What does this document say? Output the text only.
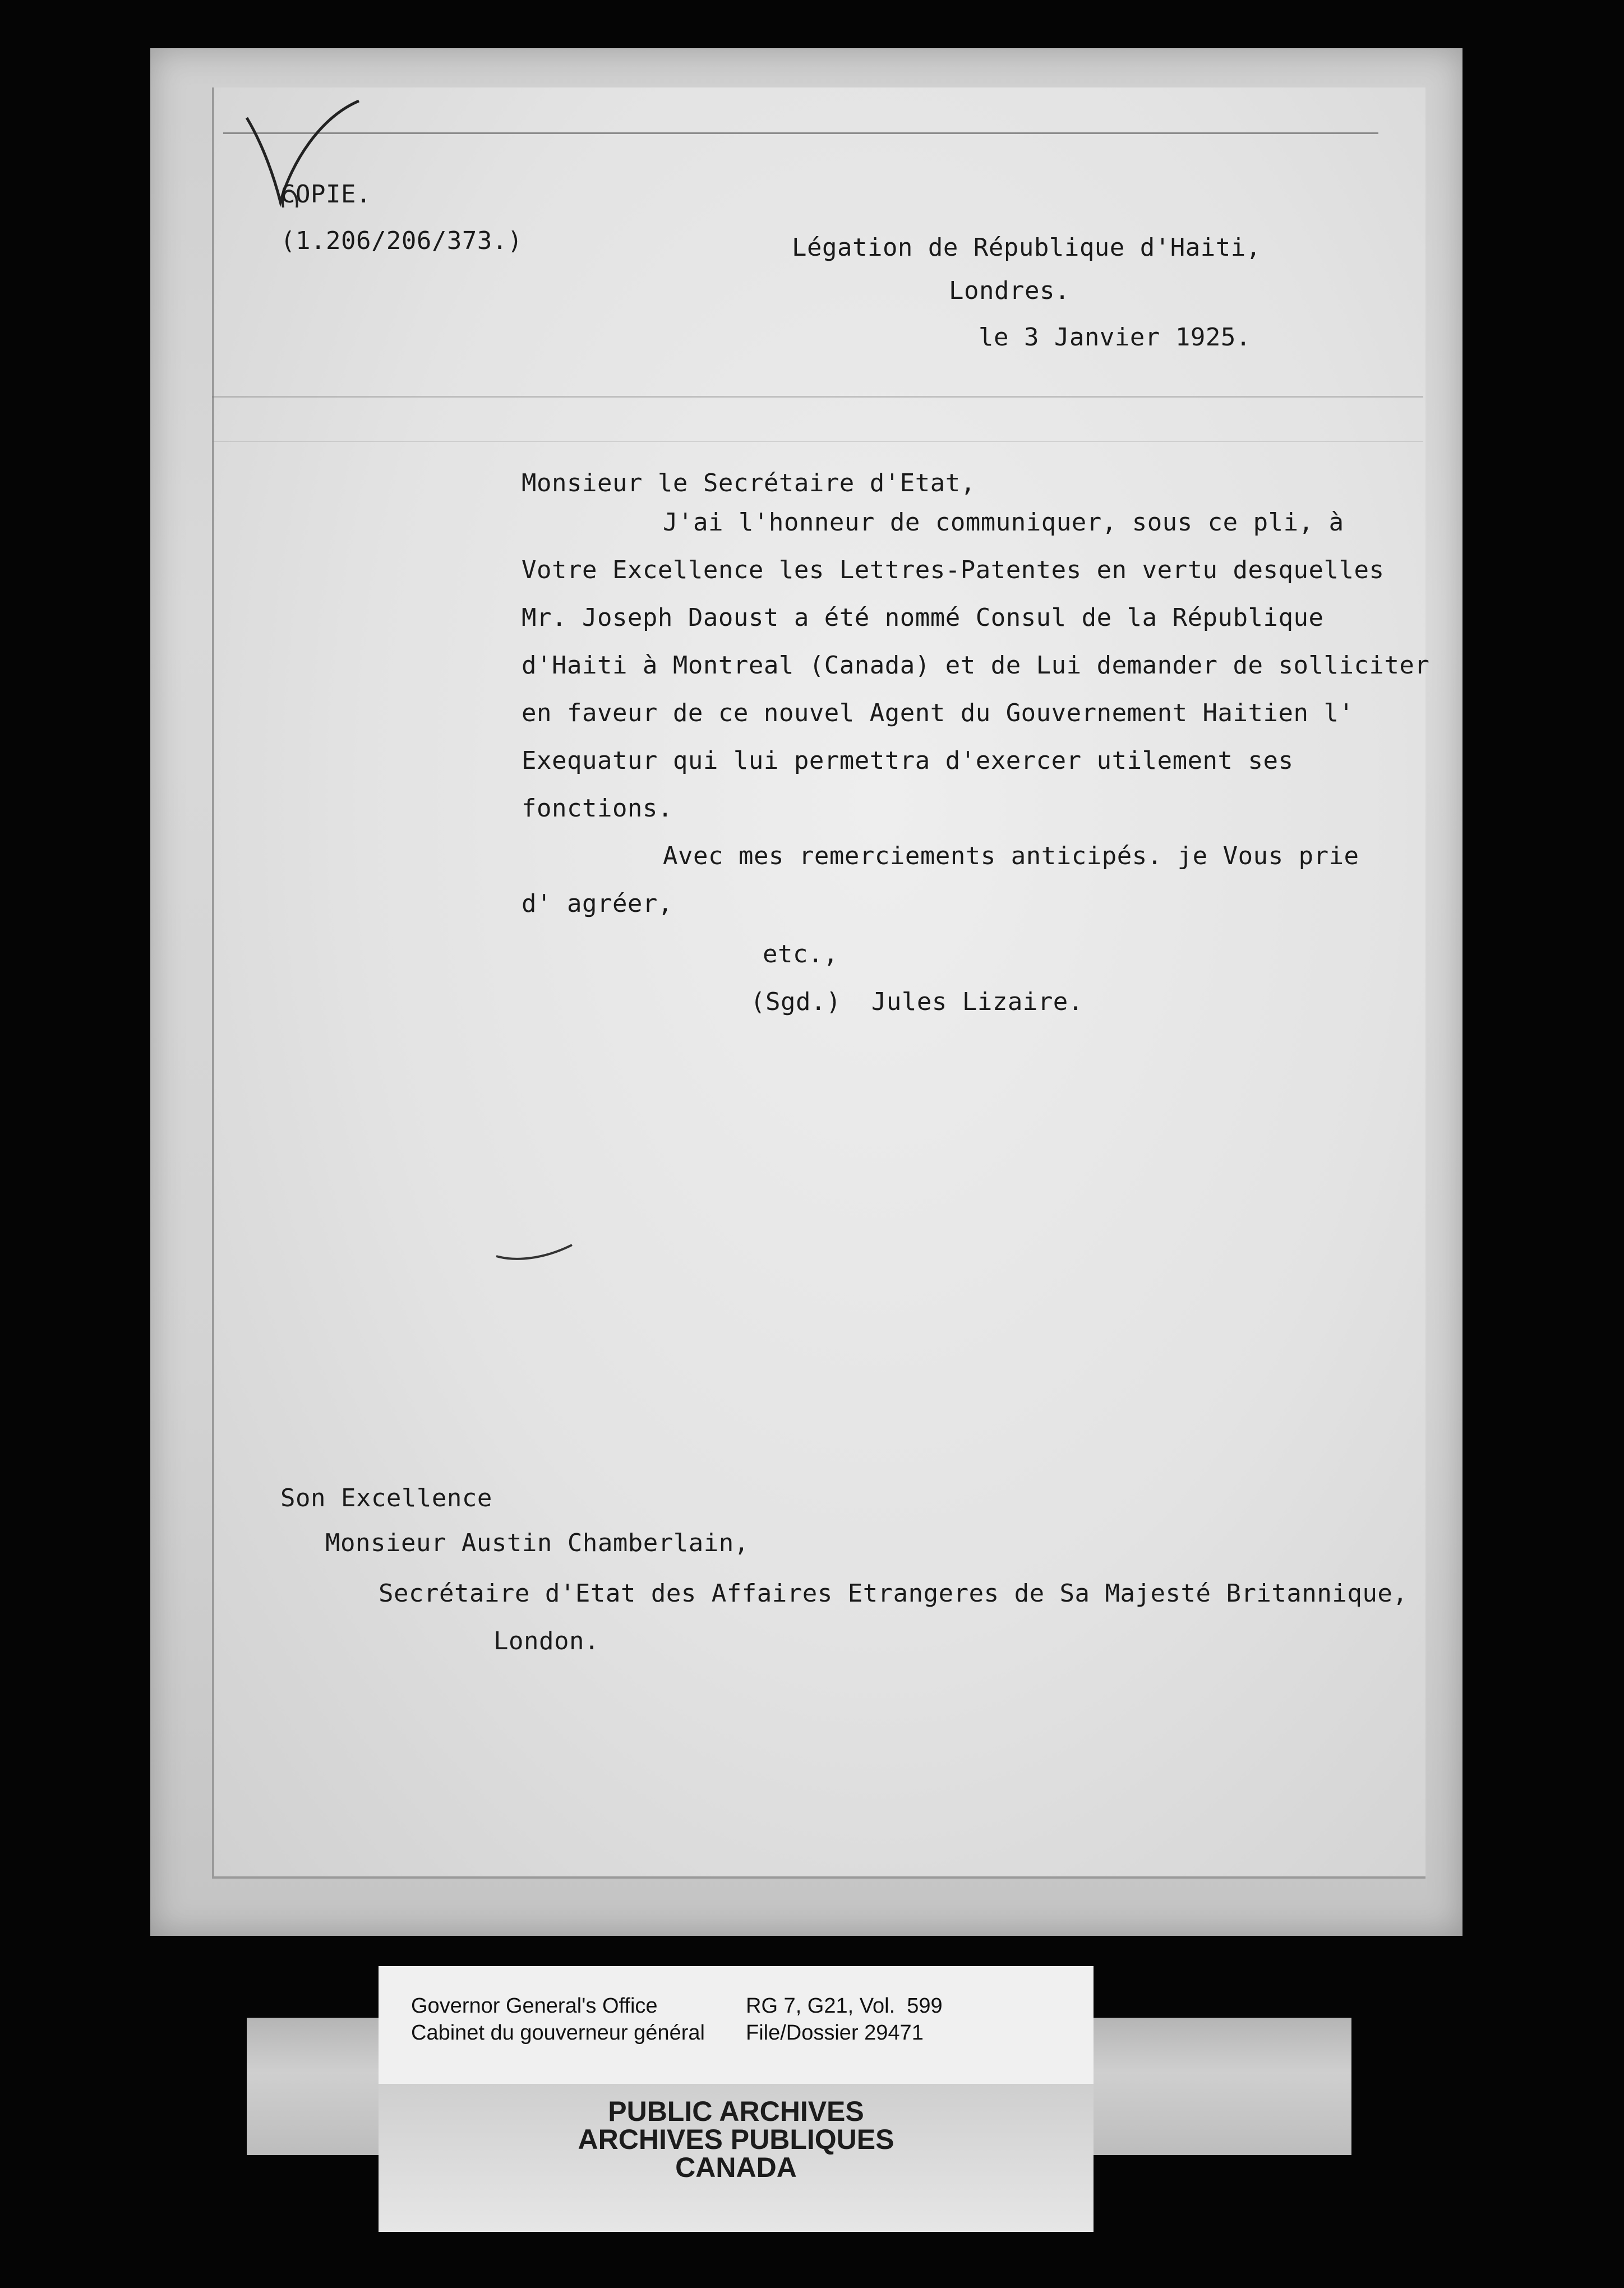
COPIE.
(1.206/206/373.)	Légation de République d'Haiti,
Londres.
le 3 Janvier 1925.
Monsieur le Secrétaire d'Etat,
J'ai l'honneur de communiquer, sous ce pli, à
Votre Excellence les Lettres-Patentes en vertu desquelles
Mr. Joseph Daoust a été nommé Consul de la République
d'Haiti à Montreal (Canada) et de Lui demander de solliciter
en faveur de ce nouvel Agent du Gouvernement Haitien l'
Exequatur qui lui permettra d'exercer utilement ses
fonctions.
Avec mes remerciements anticipés. je Vous prie
d' agréer,
etc.,
(Sgd.)  Jules Lizaire.
Son Excellence
Monsieur Austin Chamberlain,
Secrétaire d'Etat des Affaires Etrangeres de Sa Majesté Britannique,
London.
Governor General's Office
Cabinet du gouverneur général
RG 7, G21, Vol.  599
File/Dossier 29471
PUBLIC ARCHIVES
ARCHIVES PUBLIQUES
CANADA
